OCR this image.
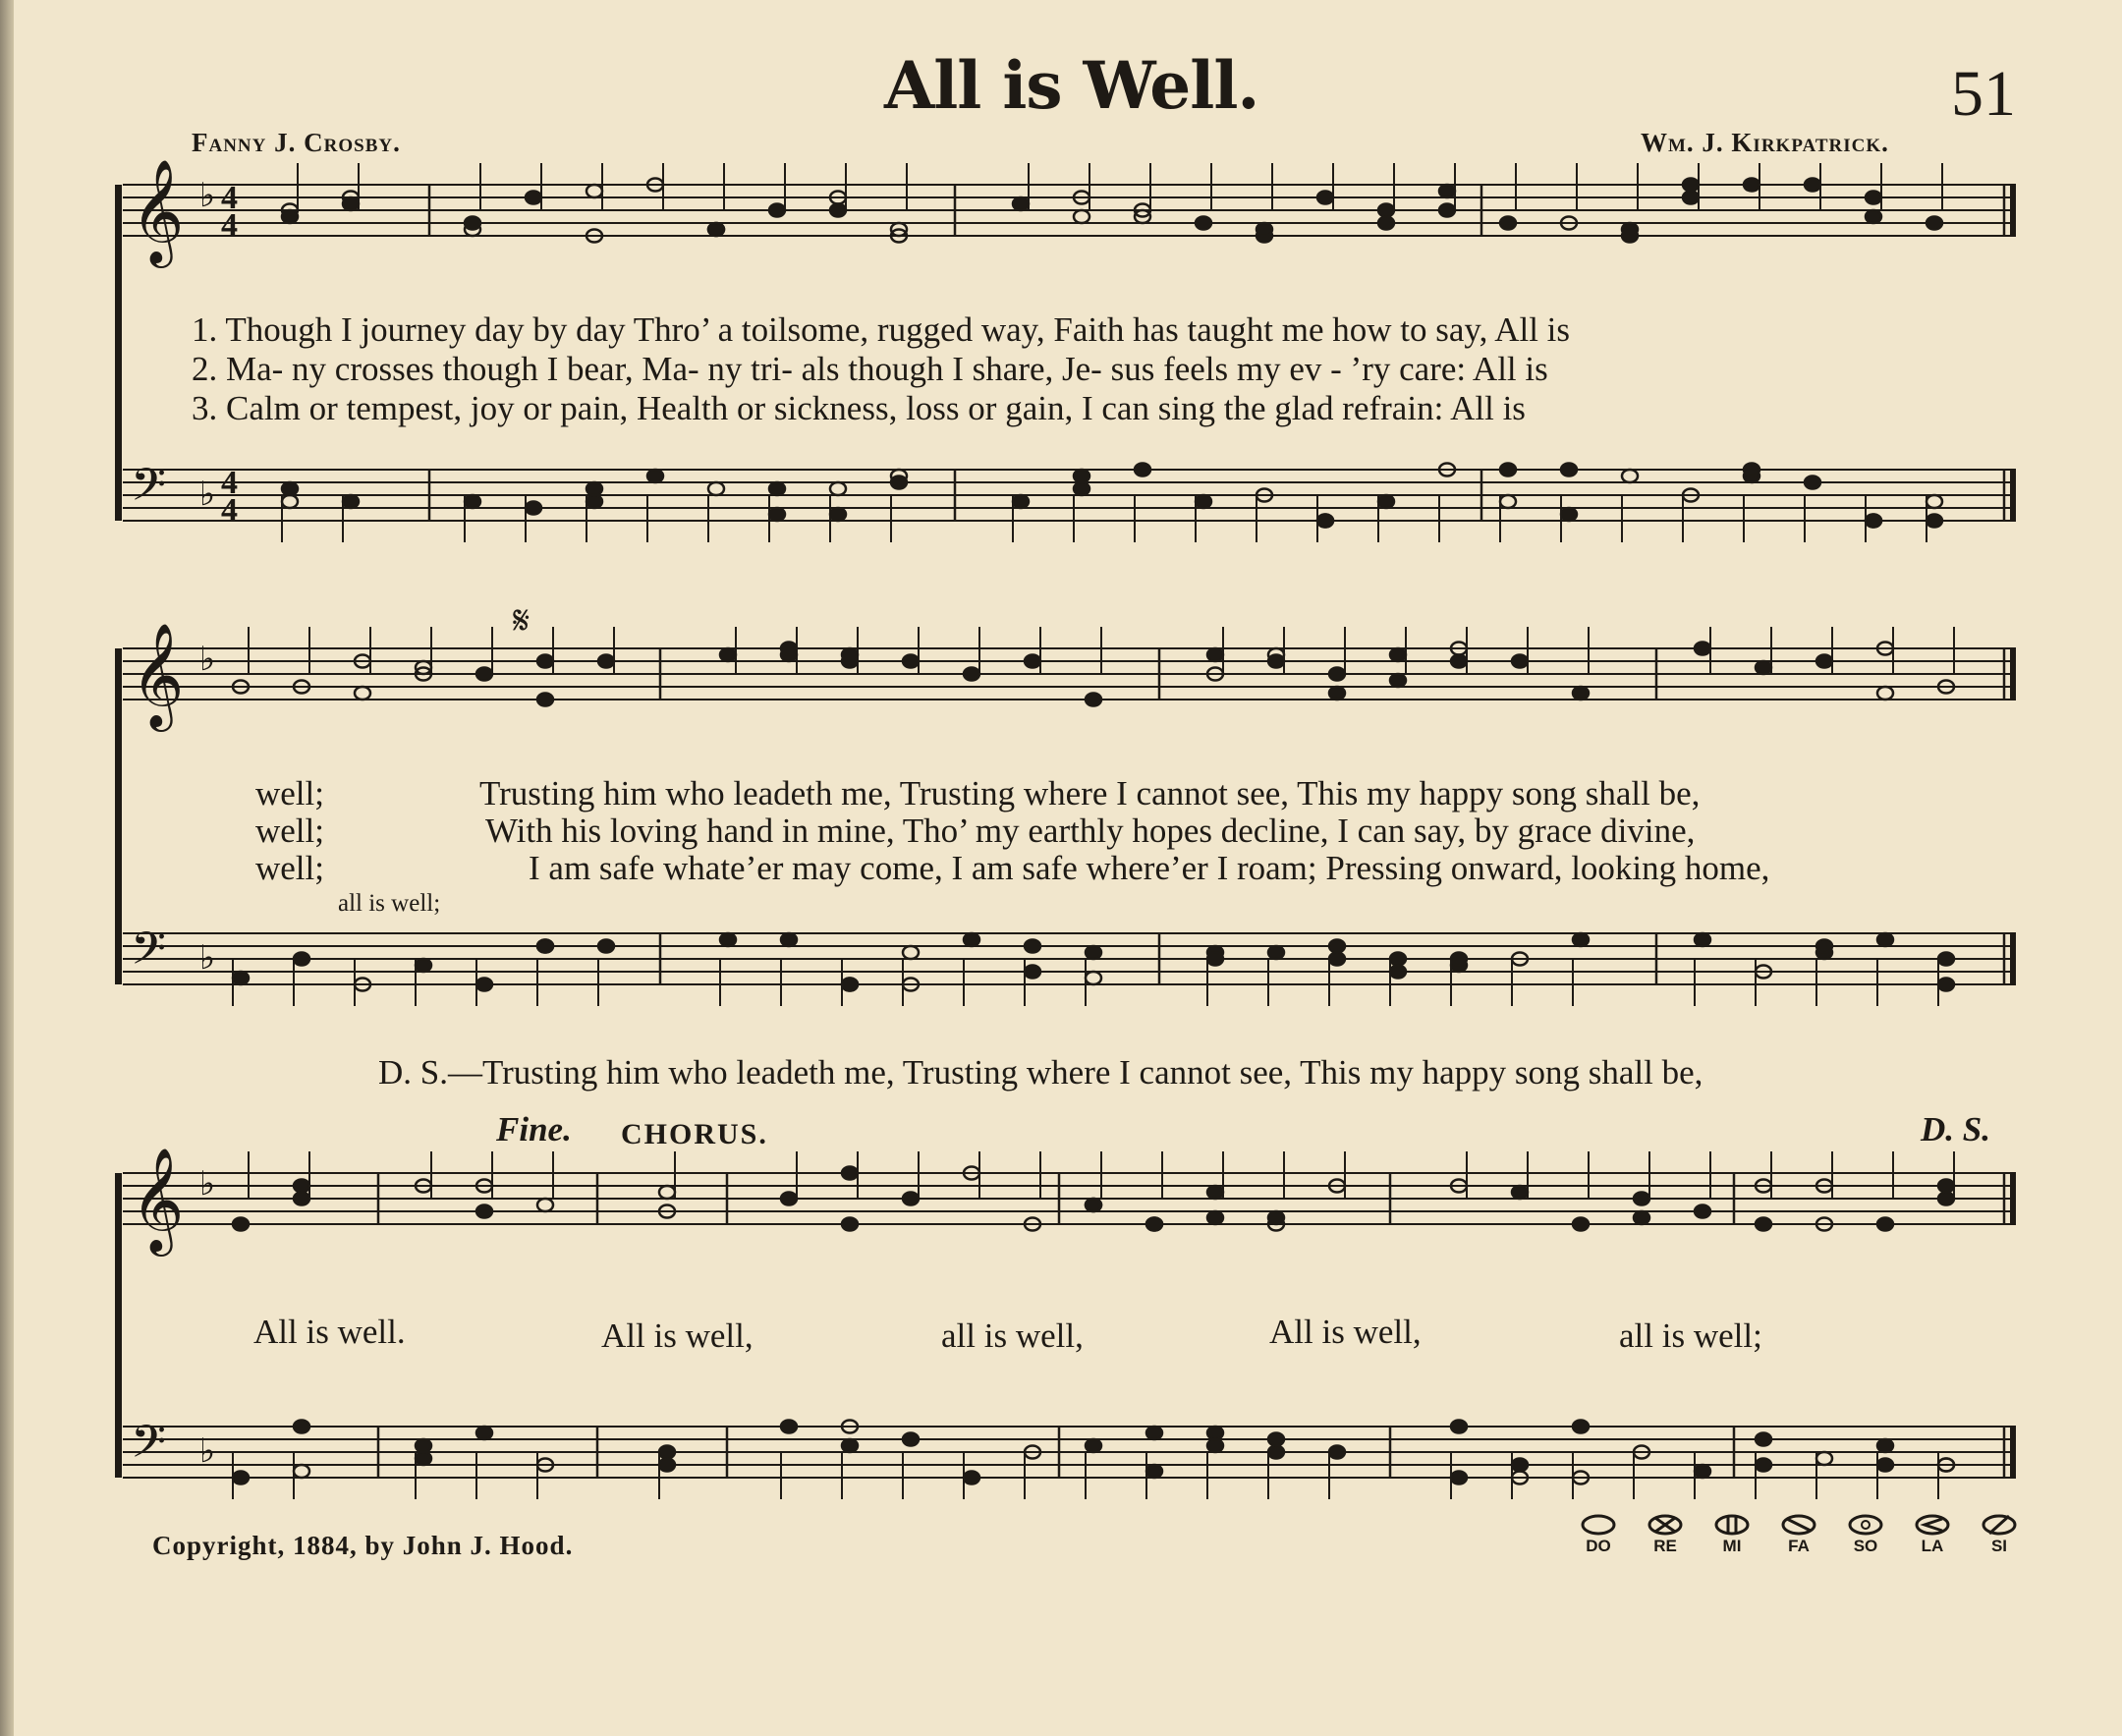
All is Well.	51
Fanny J. Crosby.	Wm. J. Kirkpatrick.
𝄞 ♭ 4
4
𝄢 ♭ 4
4
𝄞 ♭
𝄢 ♭
𝄞 ♭
𝄢 ♭
1. Though I journey day by day Thro’ a toilsome, rugged way, Faith has taught me how to say, All is
2. Ma- ny crosses though I bear, Ma- ny tri- als though I share, Je- sus feels my ev - ’ry care: All is
3. Calm or tempest, joy or pain, Health or sickness, loss or gain, I can sing the glad refrain: All is
𝄋
well;	Trusting him who leadeth me, Trusting where I cannot see, This my happy song shall be,
well;	With his loving hand in mine, Tho’ my earthly hopes decline, I can say, by grace divine,
well;	I am safe whate’er may come, I am safe where’er I roam; Pressing onward, looking home,
all is well;
D. S.—Trusting him who leadeth me, Trusting where I cannot see, This my happy song shall be,
Fine. CHORUS.	D. S.
All is well.	All is well,	all is well,	All is well,	all is well;
Copyright, 1884, by John J. Hood.	DO
	RE
	MI
	FA
	SO
	LA
	SI
